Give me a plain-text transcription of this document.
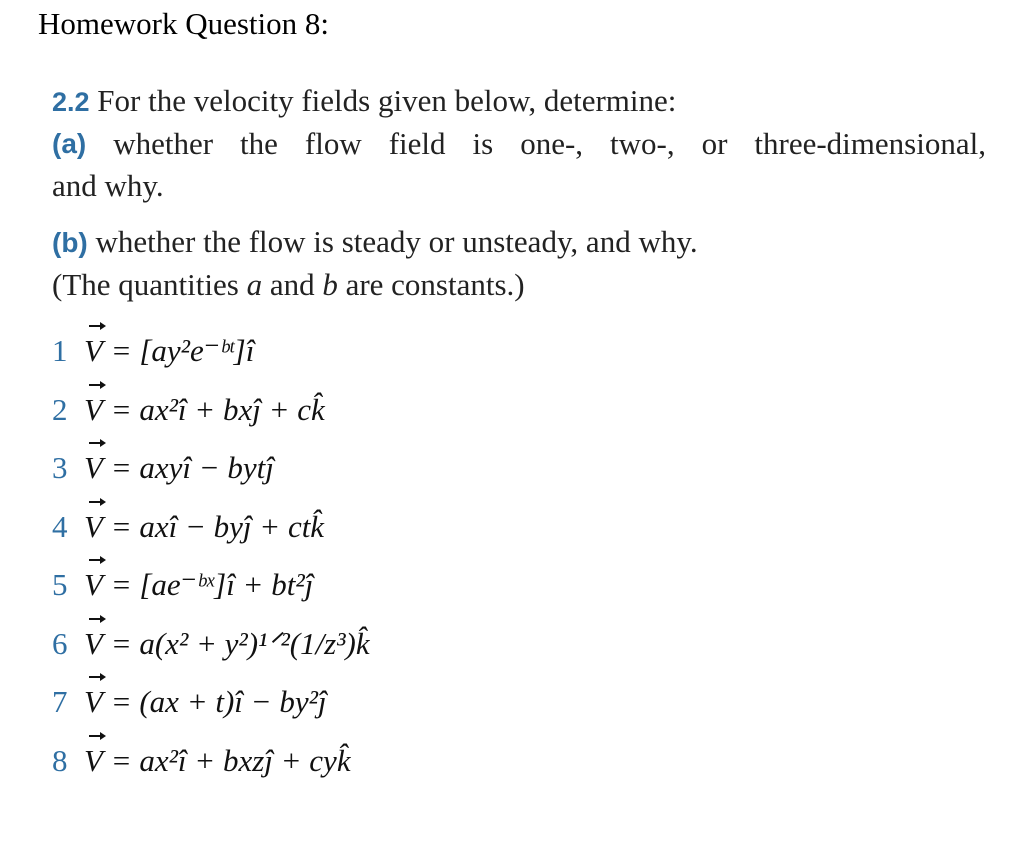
Homework Question 8:
2.2 For the velocity fields given below, determine:
(a) whether the flow field is one-, two-, or three-dimensional,
and why.
(b) whether the flow is steady or unsteady, and why.
(The quantities a and b are constants.)
1 V = [ay²e⁻ᵇᵗ]î
2 V = ax²î + bxĵ + ck̂
3 V = axyî − bytĵ
4 V = axî − byĵ + ctk̂
5 V = [ae⁻ᵇˣ]î + bt²ĵ
6 V = a(x² + y²)¹ᐟ²(1/z³)k̂
7 V = (ax + t)î − by²ĵ
8 V = ax²î + bxzĵ + cyk̂
